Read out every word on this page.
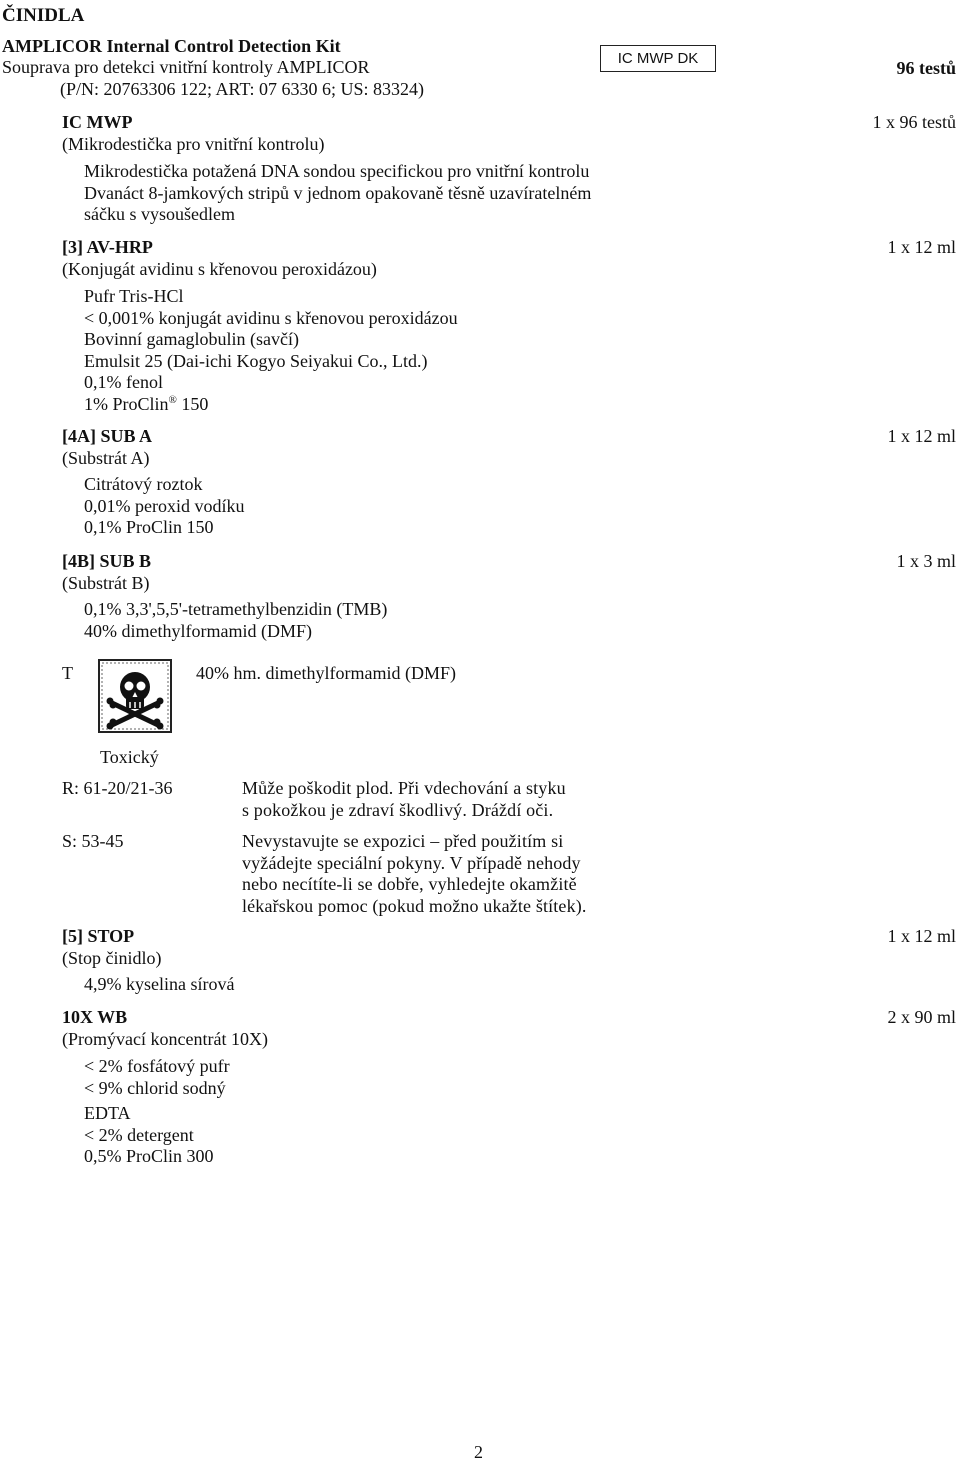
ČINIDLA
AMPLICOR Internal Control Detection Kit
Souprava pro detekci vnitřní kontroly AMPLICOR
(P/N: 20763306 122; ART: 07 6330 6; US: 83324)
IC MWP DK	96 testů
IC MWP
(Mikrodestička pro vnitřní kontrolu)
1 x 96 testů
Mikrodestička potažená DNA sondou specifickou pro vnitřní kontrolu
Dvanáct 8-jamkových stripů v jednom opakovaně těsně uzavíratelném
sáčku s vysoušedlem
[3] AV-HRP
(Konjugát avidinu s křenovou peroxidázou)
1 x 12 ml
Pufr Tris-HCl
< 0,001% konjugát avidinu s křenovou peroxidázou
Bovinní gamaglobulin (savčí)
Emulsit 25 (Dai-ichi Kogyo Seiyakui Co., Ltd.)
0,1% fenol
1% ProClin® 150
[4A] SUB A
(Substrát A)
1 x 12 ml
Citrátový roztok
0,01% peroxid vodíku
0,1% ProClin 150
[4B] SUB B
(Substrát B)
1 x 3 ml
0,1% 3,3',5,5'-tetramethylbenzidin (TMB)
40% dimethylformamid (DMF)
T	40% hm. dimethylformamid (DMF)
Toxický
R: 61-20/21-36	Může poškodit plod. Při vdechování a styku
s pokožkou je zdraví škodlivý. Dráždí oči.
S: 53-45	Nevystavujte se expozici – před použitím si
vyžádejte speciální pokyny. V případě nehody
nebo necítíte-li se dobře, vyhledejte okamžitě
lékařskou pomoc (pokud možno ukažte štítek).
[5] STOP
(Stop činidlo)
1 x 12 ml
4,9% kyselina sírová
10X WB
(Promývací koncentrát 10X)
2 x 90 ml
< 2% fosfátový pufr
< 9% chlorid sodný
EDTA
< 2% detergent
0,5% ProClin 300
2
